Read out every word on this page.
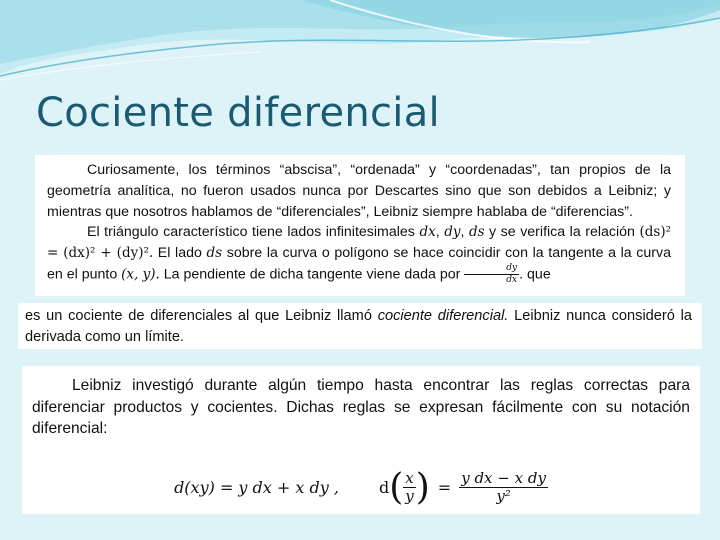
Cociente diferencial
Curiosamente, los términos “abscisa”, “ordenada” y “coordenadas”, tan propios de la geometría analítica, no fueron usados nunca por Descartes sino que son debidos a Leibniz; y mientras que nosotros hablamos de “diferenciales”, Leibniz siempre hablaba de “diferencias”.
El triángulo característico tiene lados infinitesimales dx, dy, ds y se verifica la relación (ds)² = (dx)² + (dy)². El lado ds sobre la curva o polígono se hace coincidir con la tangente a la curva en el punto (x, y). La pendiente de dicha tangente viene dada por $\frac{dy}{dx}$ . que
es un cociente de diferenciales al que Leibniz llamó cociente diferencial. Leibniz nunca consideró la derivada como un límite.
Leibniz investigó durante algún tiempo hasta encontrar las reglas correctas para diferenciar productos y cocientes. Dichas reglas se expresan fácilmente con su notación diferencial:
d(xy) = y dx + x dy ,	d ( $\frac{x}{y}$ ) = $\frac{\text{y dx − x dy}}{\text{y²}}$
